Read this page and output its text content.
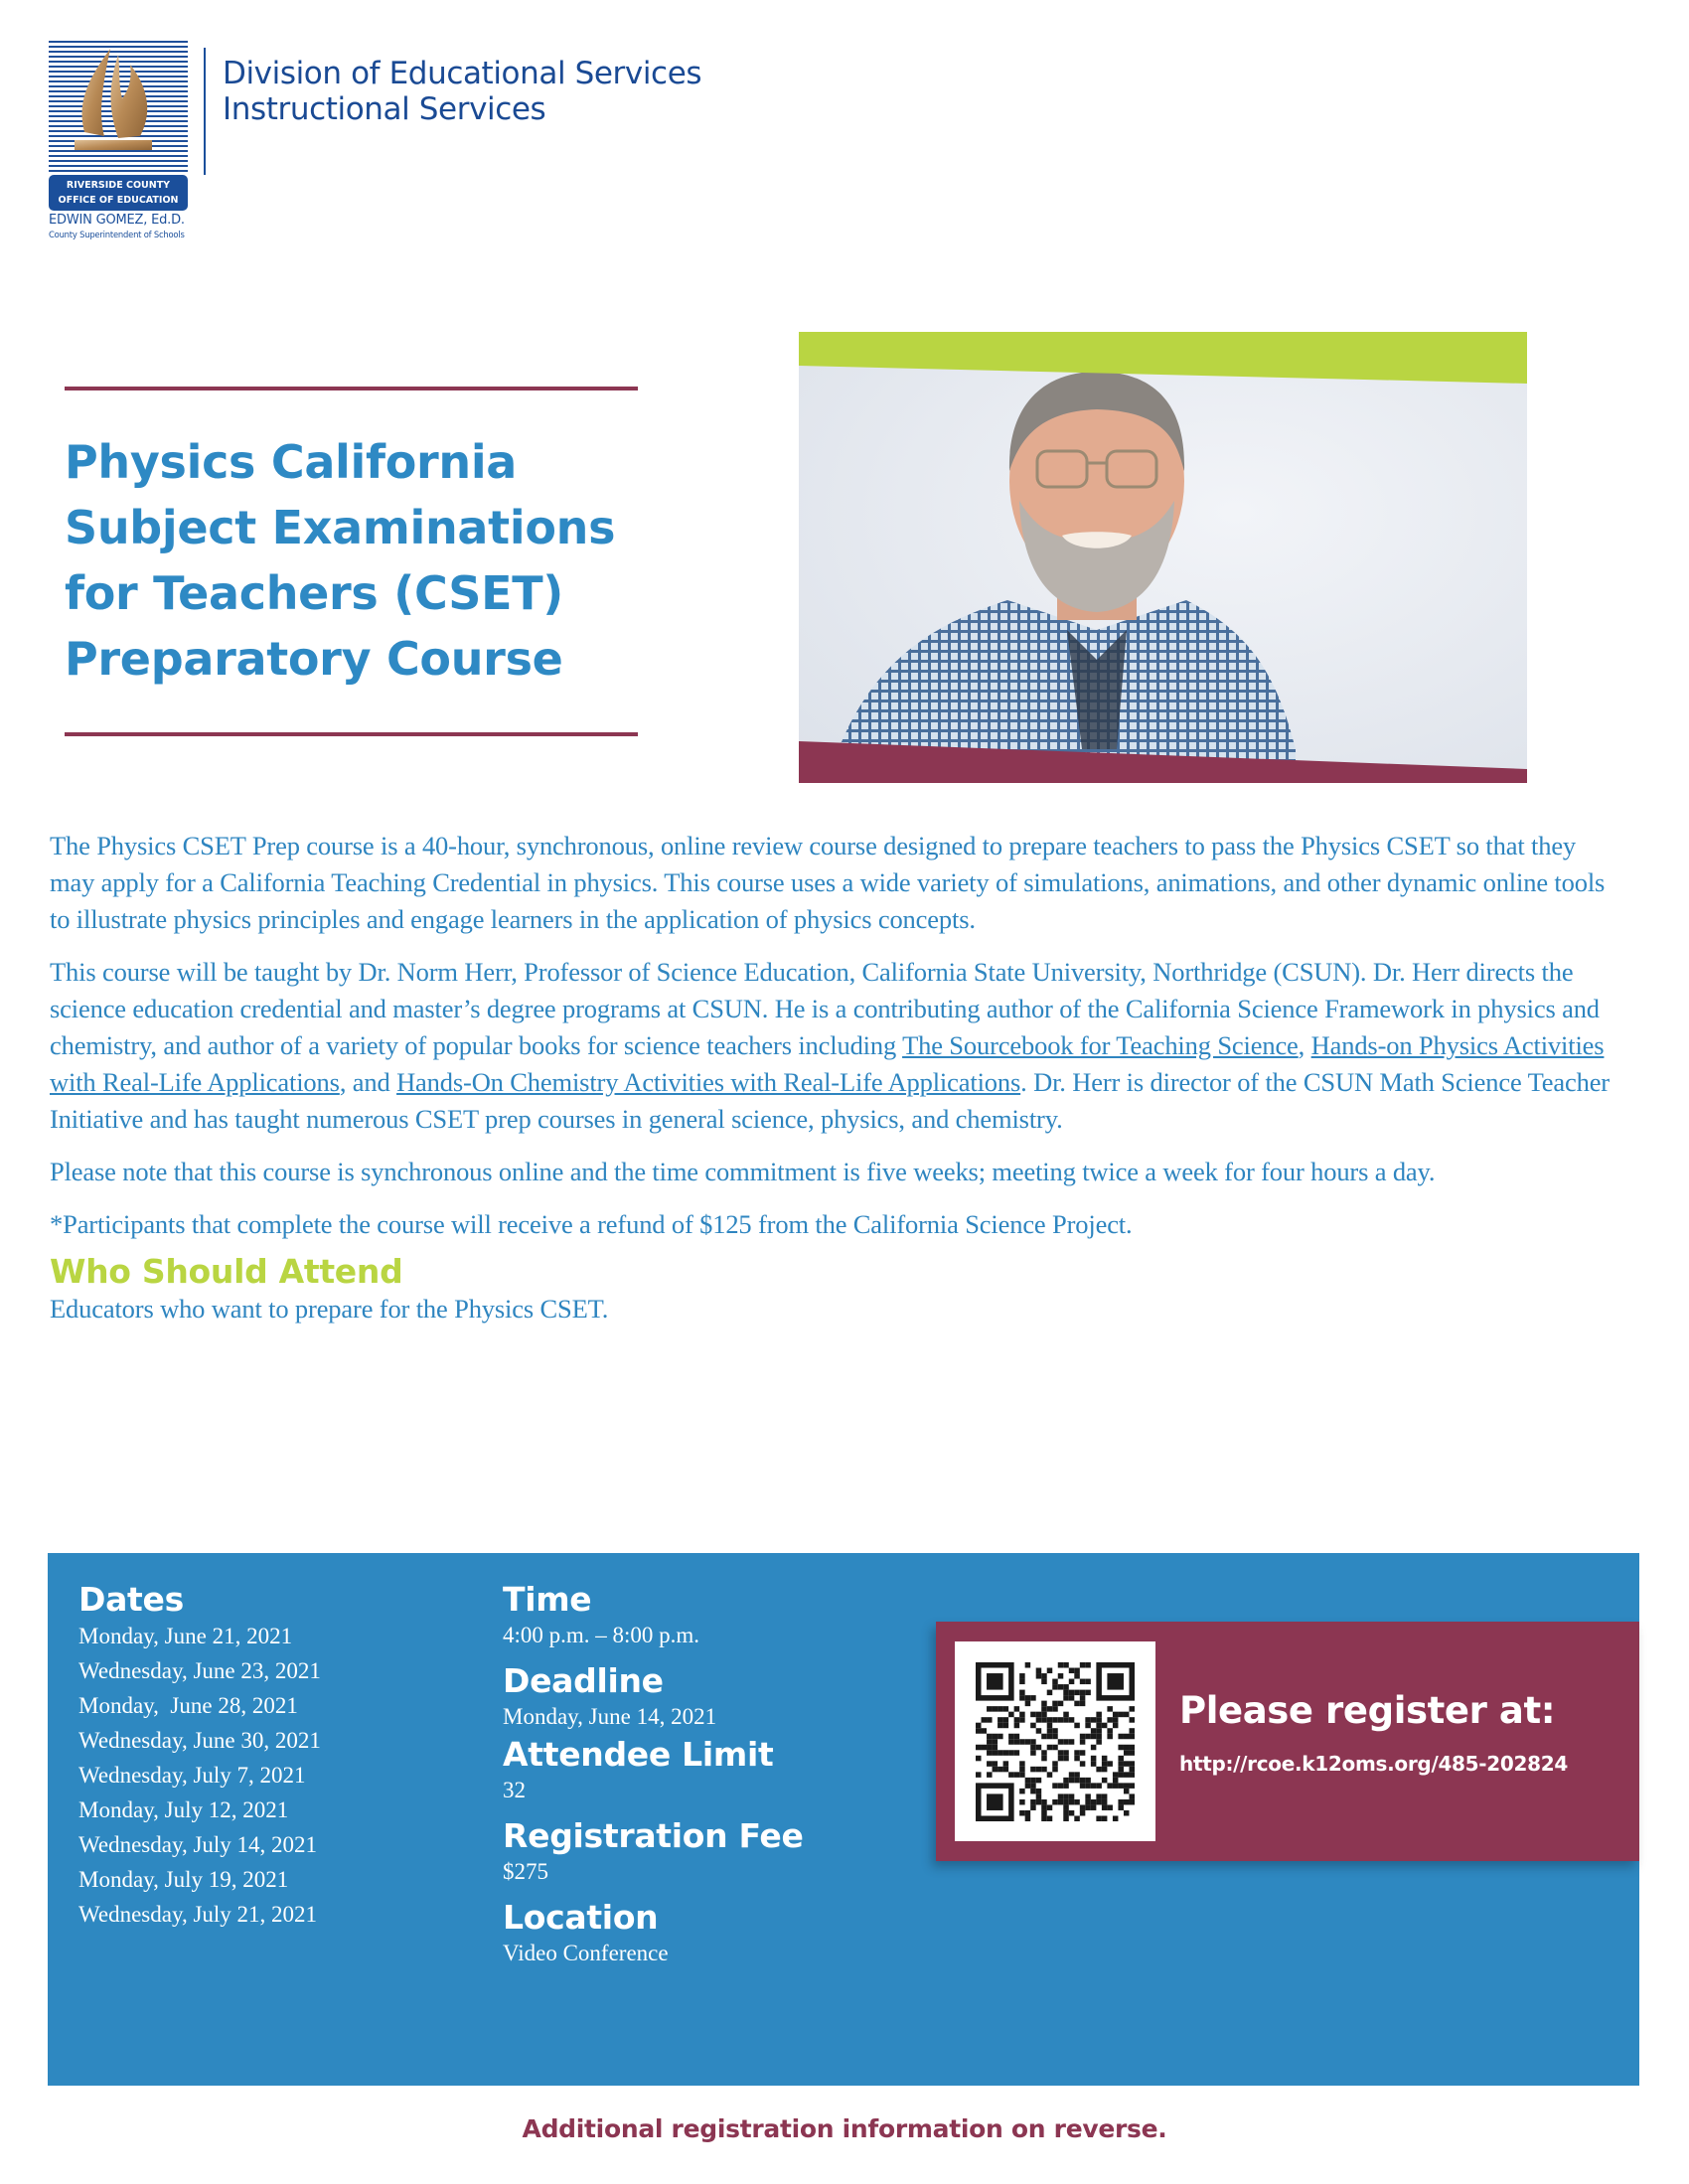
RIVERSIDE COUNTY
OFFICE OF EDUCATION
EDWIN GOMEZ, Ed.D.
County Superintendent of Schools
Division of Educational Services
Instructional Services
Physics California
Subject Examinations
for Teachers (CSET)
Preparatory Course

The Physics CSET Prep course is a 40-hour, synchronous, online review course designed to prepare teachers to pass the Physics CSET so that they may apply for a California Teaching Credential in physics. This course uses a wide variety of simulations, animations, and other dynamic online tools to illustrate physics principles and engage learners in the application of physics concepts.

This course will be taught by Dr. Norm Herr, Professor of Science Education, California State University, Northridge (CSUN). Dr. Herr directs the science education credential and master’s degree programs at CSUN. He is a contributing author of the California Science Framework in physics and chemistry, and author of a variety of popular books for science teachers including The Sourcebook for Teaching Science, Hands-on Physics Activities with Real-Life Applications, and Hands-On Chemistry Activities with Real-Life Applications. Dr. Herr is director of the CSUN Math Science Teacher Initiative and has taught numerous CSET prep courses in general science, physics, and chemistry.

Please note that this course is synchronous online and the time commitment is five weeks; meeting twice a week for four hours a day.

*Participants that complete the course will receive a refund of $125 from the California Science Project.

Who Should Attend

Educators who want to prepare for the Physics CSET.

Dates

Monday, June 21, 2021

Wednesday, June 23, 2021

Monday,  June 28, 2021

Wednesday, June 30, 2021

Wednesday, July 7, 2021

Monday, July 12, 2021

Wednesday, July 14, 2021

Monday, July 19, 2021

Wednesday, July 21, 2021

Time

4:00 p.m. – 8:00 p.m.

Deadline

Monday, June 14, 2021

Attendee Limit

32

Registration Fee

$275

Location

Video Conference

Please register at:
http://rcoe.k12oms.org/485-202824
Additional registration information on reverse.
